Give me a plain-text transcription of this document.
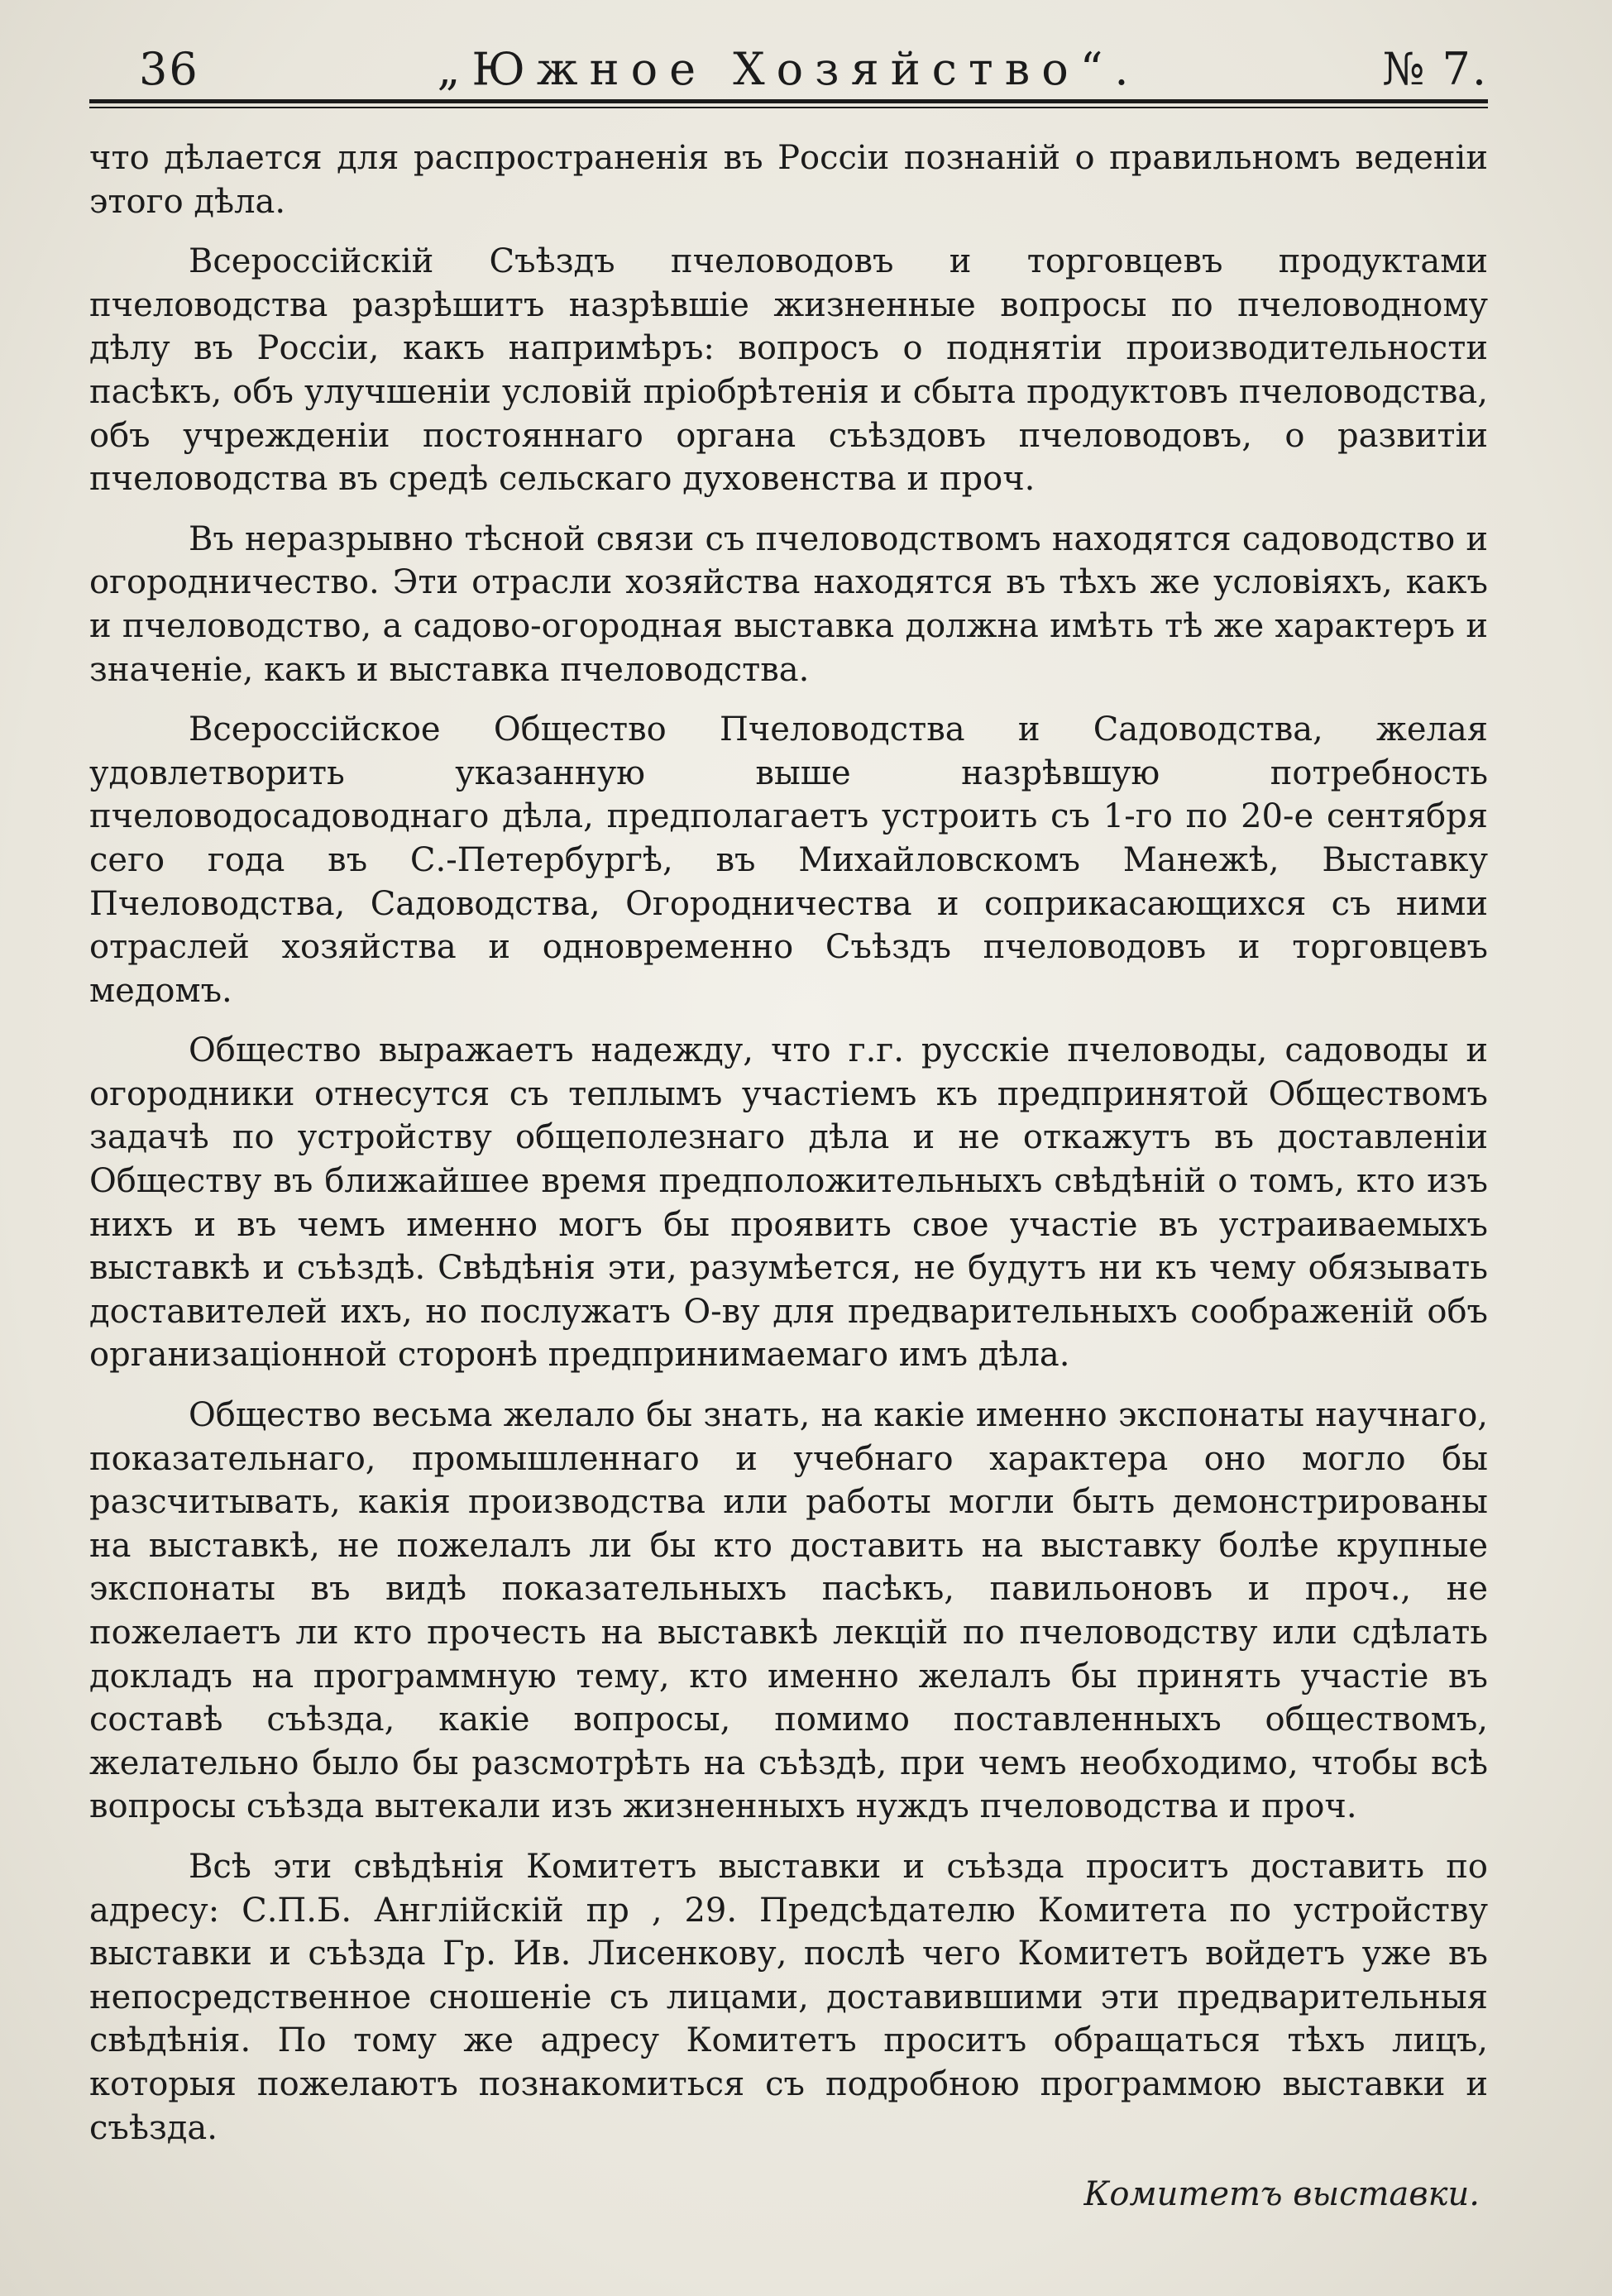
36	„Южное Хозяйство“.	№ 7.

что дѣлается для распространенія въ Россіи познаній о правильномъ веденіи этого дѣла.

Всероссійскій Съѣздъ пчеловодовъ и торговцевъ продуктами пчеловодства разрѣшитъ назрѣвшіе жизненные вопросы по пчеловодному дѣлу въ Россіи, какъ напримѣръ: вопросъ о поднятіи производительности пасѣкъ, объ улучшеніи условій пріобрѣтенія и сбыта продуктовъ пчеловодства, объ учрежденіи постояннаго органа съѣздовъ пчеловодовъ, о развитіи пчеловодства въ средѣ сельскаго духовенства и проч.

Въ неразрывно тѣсной связи съ пчеловодствомъ находятся садоводство и огородничество. Эти отрасли хозяйства находятся въ тѣхъ же условіяхъ, какъ и пчеловодство, а садово-огородная выставка должна имѣть тѣ же характеръ и значеніе, какъ и выставка пчеловодства.

Всероссійское Общество Пчеловодства и Садоводства, желая удовлетворить указанную выше назрѣвшую потребность пчеловодосадоводнаго дѣла, предполагаетъ устроить съ 1-го по 20-е сентября сего года въ С.-Петербургѣ, въ Михайловскомъ Манежѣ, Выставку Пчеловодства, Садоводства, Огородничества и соприкасающихся съ ними отраслей хозяйства и одновременно Съѣздъ пчеловодовъ и торговцевъ медомъ.

Общество выражаетъ надежду, что г.г. русскіе пчеловоды, садоводы и огородники отнесутся съ теплымъ участіемъ къ предпринятой Обществомъ задачѣ по устройству общеполезнаго дѣла и не откажутъ въ доставленіи Обществу въ ближайшее время предположительныхъ свѣдѣній о томъ, кто изъ нихъ и въ чемъ именно могъ бы проявить свое участіе въ устраиваемыхъ выставкѣ и съѣздѣ. Свѣдѣнія эти, разумѣется, не будутъ ни къ чему обязывать доставителей ихъ, но послужатъ О-ву для предварительныхъ соображеній объ организаціонной сторонѣ предпринимаемаго имъ дѣла.

Общество весьма желало бы знать, на какіе именно экспонаты научнаго, показательнаго, промышленнаго и учебнаго характера оно могло бы разсчитывать, какія производства или работы могли быть демонстрированы на выставкѣ, не пожелалъ ли бы кто доставить на выставку болѣе крупные экспонаты въ видѣ показательныхъ пасѣкъ, павильоновъ и проч., не пожелаетъ ли кто прочесть на выставкѣ лекцій по пчеловодству или сдѣлать докладъ на программную тему, кто именно желалъ бы принять участіе въ составѣ съѣзда, какіе вопросы, помимо поставленныхъ обществомъ, желательно было бы разсмотрѣть на съѣздѣ, при чемъ необходимо, чтобы всѣ вопросы съѣзда вытекали изъ жизненныхъ нуждъ пчеловодства и проч.

Всѣ эти свѣдѣнія Комитетъ выставки и съѣзда проситъ доставить по адресу: С.П.Б. Англійскій пр , 29. Предсѣдателю Комитета по устройству выставки и съѣзда Гр. Ив. Лисенкову, послѣ чего Комитетъ войдетъ уже въ непосредственное сношеніе съ лицами, доставившими эти предварительныя свѣдѣнія. По тому же адресу Комитетъ проситъ обращаться тѣхъ лицъ, которыя пожелаютъ познакомиться съ подробною программою выставки и съѣзда.

Комитетъ выставки.
